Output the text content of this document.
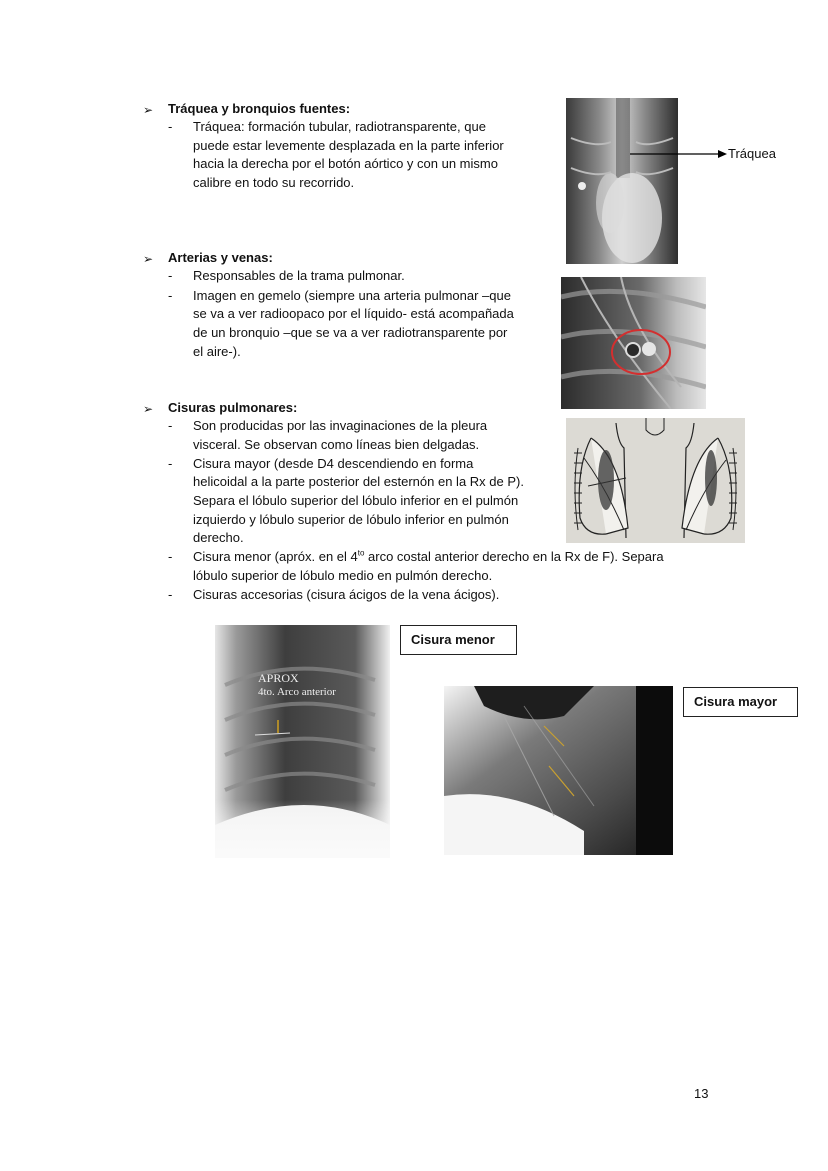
➢ Tráquea y bronquios fuentes:
- Tráquea: formación tubular, radiotransparente, que
puede estar levemente desplazada en la parte inferior
hacia la derecha por el botón aórtico y con un mismo
calibre en todo su recorrido.
Tráquea
➢ Arterias y venas:
- Responsables de la trama pulmonar.
- Imagen en gemelo (siempre una arteria pulmonar –que
se va a ver radioopaco por el líquido- está acompañada
de un bronquio –que se va a ver radiotransparente por
el aire-).
➢ Cisuras pulmonares:
- Son producidas por las invaginaciones de la pleura
visceral. Se observan como líneas bien delgadas.
- Cisura mayor (desde D4 descendiendo en forma
helicoidal a la parte posterior del esternón en la Rx de P).
Separa el lóbulo superior del lóbulo inferior en el pulmón
izquierdo y lóbulo superior de lóbulo inferior en pulmón
derecho.
- Cisura menor (apróx. en el $4^{to}$ arco costal anterior derecho en la Rx de F). Separa
lóbulo superior de lóbulo medio en pulmón derecho.
- Cisuras accesorias (cisura ácigos de la vena ácigos).
APROX
4to. Arco anterior
Cisura menor
Cisura mayor
13
